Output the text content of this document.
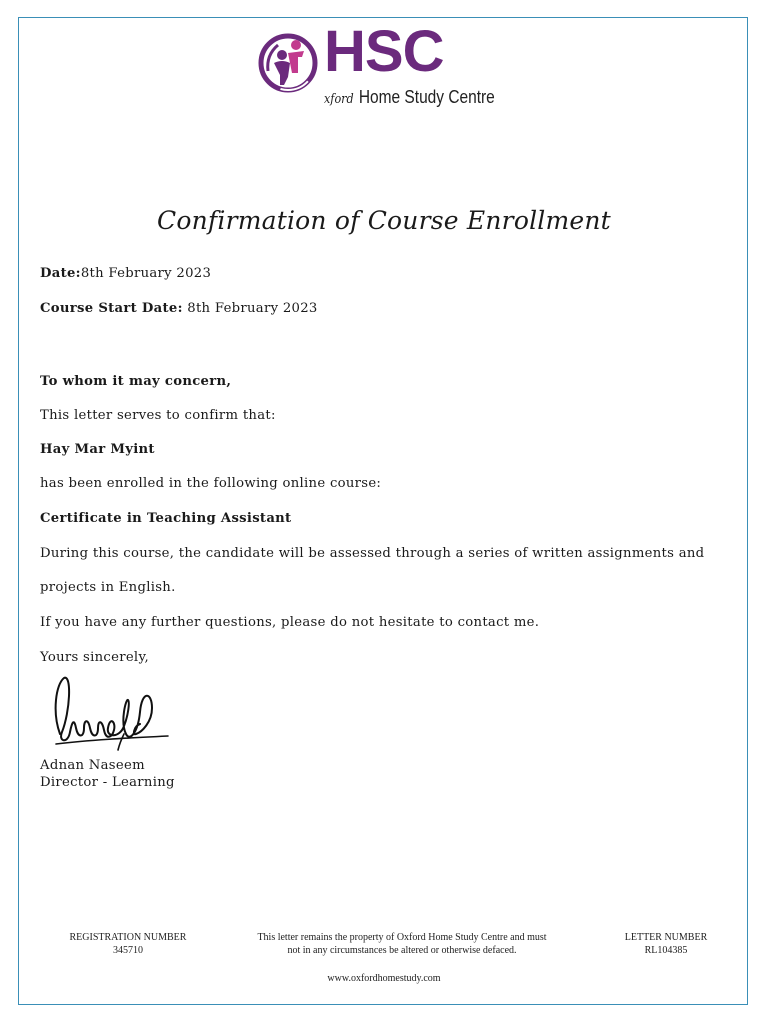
HSC
xford Home Study Centre
Confirmation of Course Enrollment
Date:8th February 2023
Course Start Date: 8th February 2023
To whom it may concern,
This letter serves to confirm that:
Hay Mar Myint
has been enrolled in the following online course:
Certificate in Teaching Assistant
During this course, the candidate will be assessed through a series of written assignments and
projects in English.
If you have any further questions, please do not hesitate to contact me.
Yours sincerely,
Adnan Naseem
Director - Learning
REGISTRATION NUMBER
345710
This letter remains the property of Oxford Home Study Centre and must
not in any circumstances be altered or otherwise defaced.
LETTER NUMBER
RL104385
www.oxfordhomestudy.com
